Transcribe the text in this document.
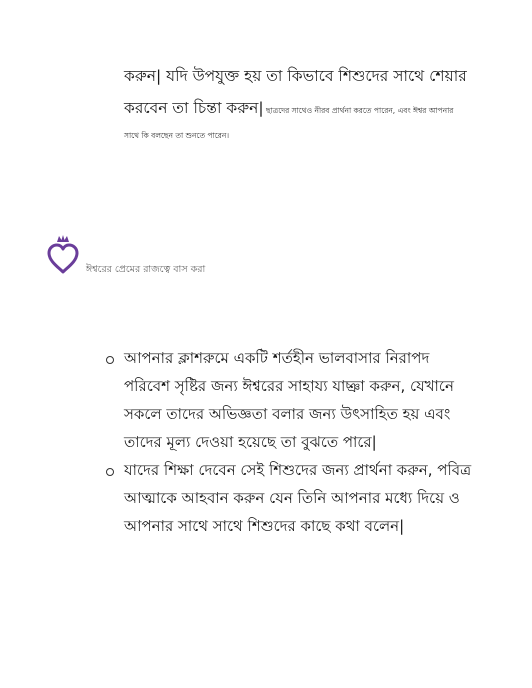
করুন| যদি উপযুক্ত হয় তা কিভাবে শিশুদের সাথে শেয়ার
করবেন তা চিন্তা করুন| ছাত্রদের সাথেও নীরব প্রার্থনা করতে পারেন, এবং ঈশ্বর আপনার
সাথে কি বলছেন তা শুনতে পারেন।
ঈশ্বরের প্রেমের রাজত্বে বাস করা
আপনার ক্লাশরুমে একটি শর্তহীন ভালবাসার নিরাপদ
পরিবেশ সৃষ্টির জন্য ঈশ্বরের সাহায্য যাচ্ঞা করুন, যেখানে
সকলে তাদের অভিজ্ঞতা বলার জন্য উৎসাহিত হয় এবং
তাদের মূল্য দেওয়া হয়েছে তা বুঝতে পারে|
যাদের শিক্ষা দেবেন সেই শিশুদের জন্য প্রার্থনা করুন, পবিত্র
আত্মাকে আহবান করুন যেন তিনি আপনার মধ্যে দিয়ে ও
আপনার সাথে সাথে শিশুদের কাছে কথা বলেন|
